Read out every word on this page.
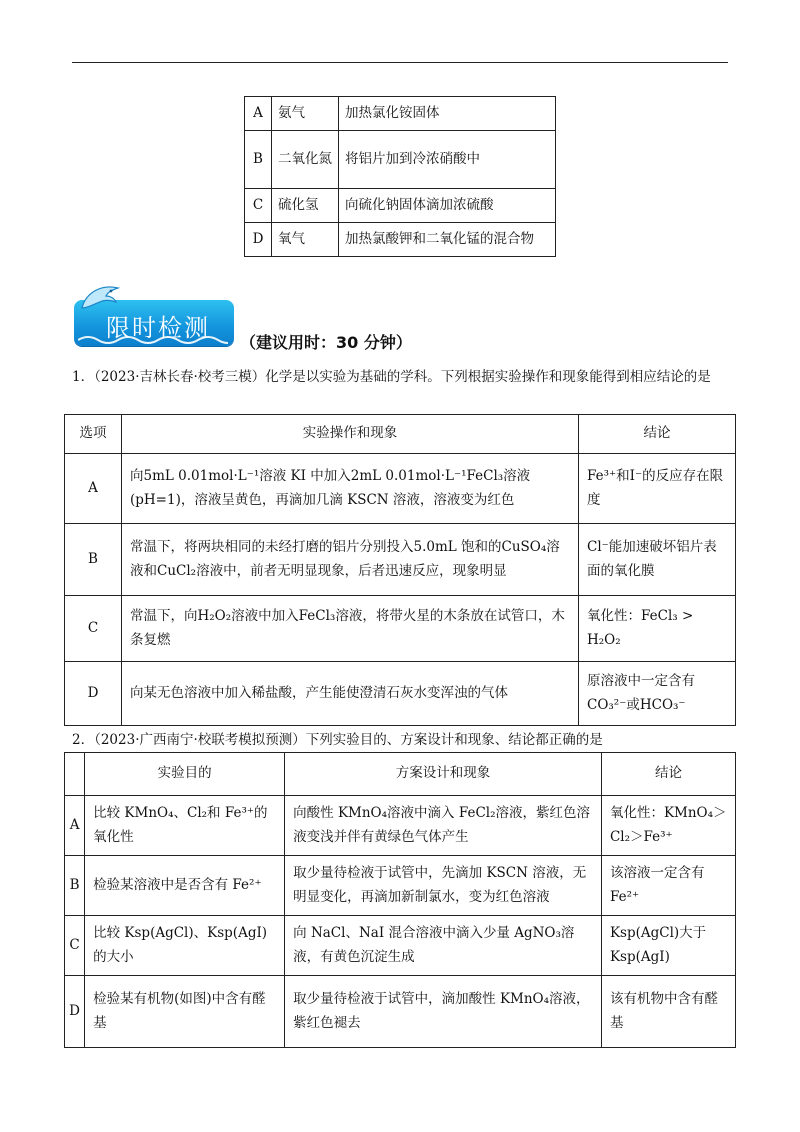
A	氨气	加热氯化铵固体
B	二氧化氮	将铝片加到冷浓硝酸中
C	硫化氢	向硫化钠固体滴加浓硫酸
D	氧气	加热氯酸钾和二氧化锰的混合物
限时检测
（建议用时：30 分钟）
1．（2023·吉林长春·校考三模）化学是以实验为基础的学科。下列根据实验操作和现象能得到相应结论的是
选项	实验操作和现象	结论
A	向5mL 0.01mol·L⁻¹溶液 KI 中加入2mL 0.01mol·L⁻¹FeCl₃溶液(pH=1)，溶液呈黄色，再滴加几滴 KSCN 溶液，溶液变为红色	Fe³⁺和I⁻的反应存在限度
B	常温下，将两块相同的未经打磨的铝片分别投入5.0mL 饱和的CuSO₄溶液和CuCl₂溶液中，前者无明显现象，后者迅速反应，现象明显	Cl⁻能加速破坏铝片表面的氧化膜
C	常温下，向H₂O₂溶液中加入FeCl₃溶液，将带火星的木条放在试管口，木条复燃	氧化性：FeCl₃ > H₂O₂
D	向某无色溶液中加入稀盐酸，产生能使澄清石灰水变浑浊的气体	原溶液中一定含有CO₃²⁻或HCO₃⁻
2．（2023·广西南宁·校联考模拟预测）下列实验目的、方案设计和现象、结论都正确的是
	实验目的	方案设计和现象	结论
A	比较 KMnO₄、Cl₂和 Fe³⁺的氧化性	向酸性 KMnO₄溶液中滴入 FeCl₂溶液，紫红色溶液变浅并伴有黄绿色气体产生	氧化性：KMnO₄＞Cl₂＞Fe³⁺
B	检验某溶液中是否含有 Fe²⁺	取少量待检液于试管中，先滴加 KSCN 溶液，无明显变化，再滴加新制氯水，变为红色溶液	该溶液一定含有Fe²⁺
C	比较 Ksp(AgCl)、Ksp(AgI)的大小	向 NaCl、NaI 混合溶液中滴入少量 AgNO₃溶液，有黄色沉淀生成	Ksp(AgCl)大于Ksp(AgI)
D	检验某有机物(如图)中含有醛基	取少量待检液于试管中，滴加酸性 KMnO₄溶液，紫红色褪去	该有机物中含有醛基
